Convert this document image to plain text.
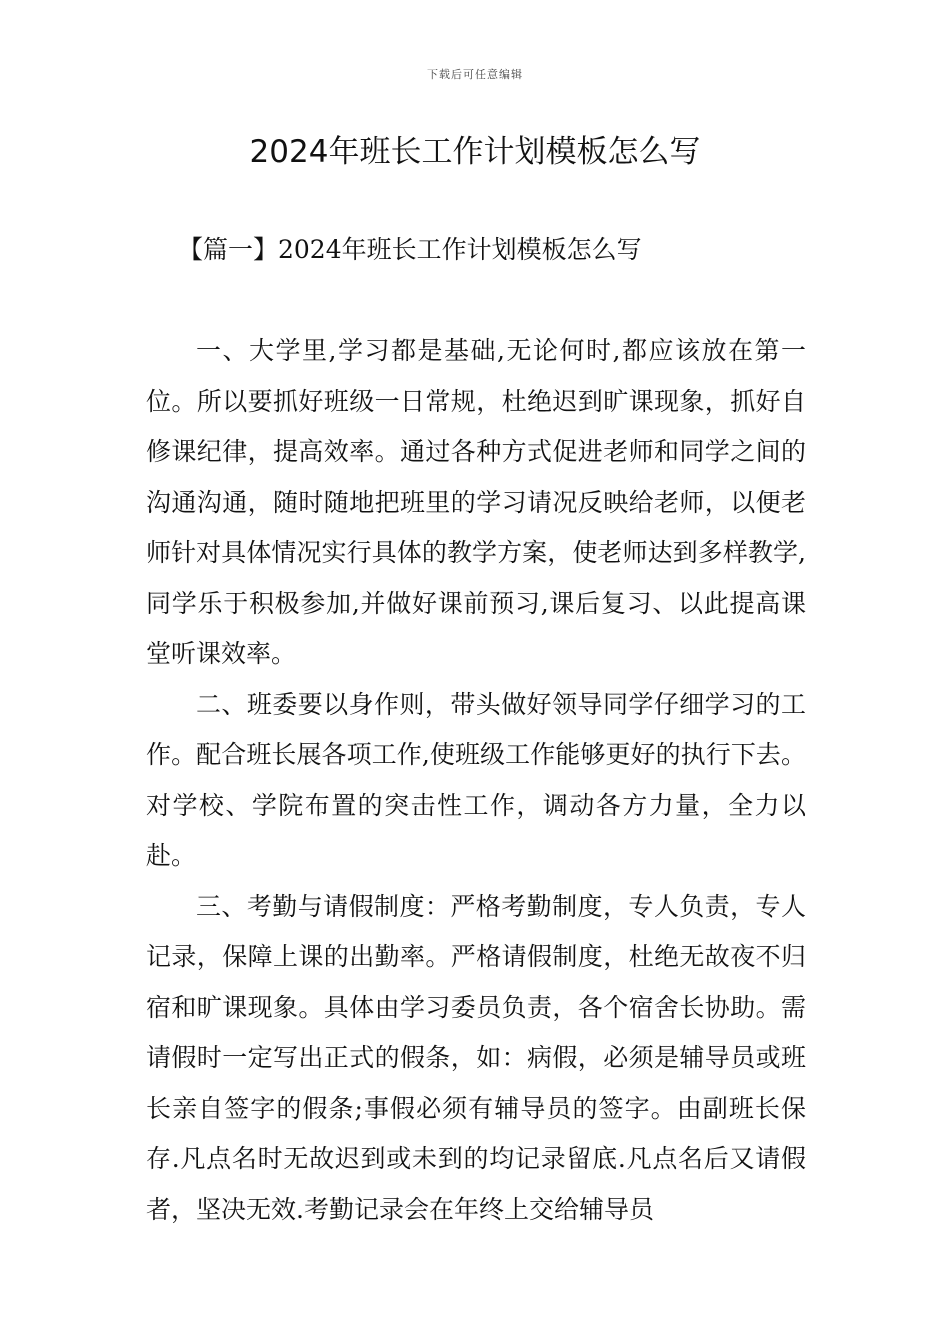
下载后可任意编辑
2024年班长工作计划模板怎么写
【篇一】2024年班长工作计划模板怎么写

一、大学里,学习都是基础,无论何时,都应该放在第一位。所以要抓好班级一日常规，杜绝迟到旷课现象，抓好自修课纪律，提高效率。通过各种方式促进老师和同学之间的沟通沟通，随时随地把班里的学习请况反映给老师，以便老师针对具体情况实行具体的教学方案，使老师达到多样教学,同学乐于积极参加,并做好课前预习,课后复习、以此提高课堂听课效率。

二、班委要以身作则，带头做好领导同学仔细学习的工作。配合班长展各项工作,使班级工作能够更好的执行下去。对学校、学院布置的突击性工作，调动各方力量，全力以赴。

三、考勤与请假制度：严格考勤制度，专人负责，专人记录，保障上课的出勤率。严格请假制度，杜绝无故夜不归宿和旷课现象。具体由学习委员负责，各个宿舍长协助。需请假时一定写出正式的假条，如：病假，必须是辅导员或班长亲自签字的假条;事假必须有辅导员的签字。由副班长保存.凡点名时无故迟到或未到的均记录留底.凡点名后又请假者，坚决无效.考勤记录会在年终上交给辅导员
